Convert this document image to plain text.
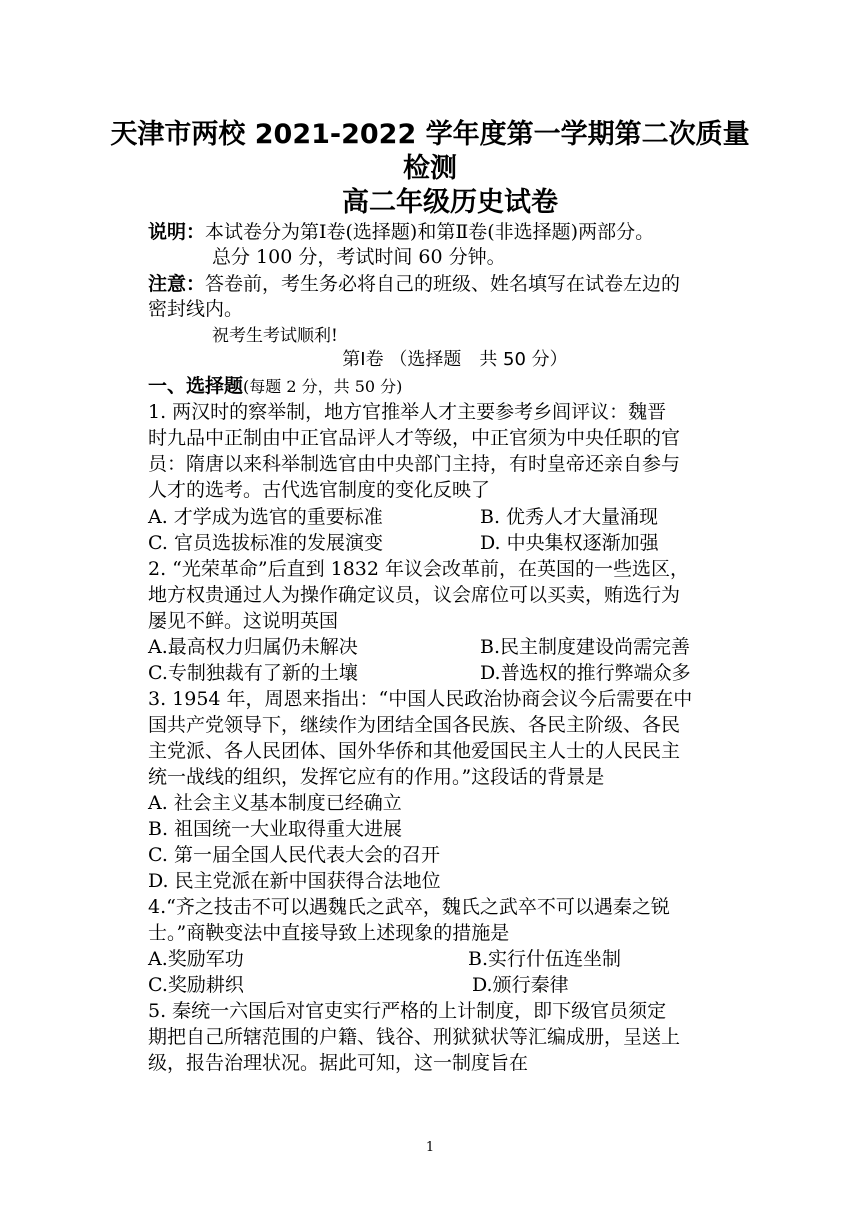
天津市两校 2021-2022 学年度第一学期第二次质量
检测
高二年级历史试卷
说明：本试卷分为第Ⅰ卷(选择题)和第Ⅱ卷(非选择题)两部分。
总分 100 分，考试时间 60 分钟。
注意：答卷前，考生务必将自己的班级、姓名填写在试卷左边的
密封线内。
祝考生考试顺利!
第Ⅰ卷 （选择题　共 50 分）
一、选择题(每题 2 分，共 50 分)
1. 两汉时的察举制，地方官推举人才主要参考乡闾评议：魏晋
时九品中正制由中正官品评人才等级，中正官须为中央任职的官
员：隋唐以来科举制选官由中央部门主持，有时皇帝还亲自参与
人才的选考。古代选官制度的变化反映了
A. 才学成为选官的重要标准	B. 优秀人才大量涌现
C. 官员选拔标准的发展演变	D. 中央集权逐渐加强
2. “光荣革命”后直到 1832 年议会改革前，在英国的一些选区，
地方权贵通过人为操作确定议员，议会席位可以买卖，贿选行为
屡见不鲜。这说明英国
A.最高权力归属仍未解决	B.民主制度建设尚需完善
C.专制独裁有了新的土壤	D.普选权的推行弊端众多
3. 1954 年，周恩来指出：“中国人民政治协商会议今后需要在中
国共产党领导下，继续作为团结全国各民族、各民主阶级、各民
主党派、各人民团体、国外华侨和其他爱国民主人士的人民民主
统一战线的组织，发挥它应有的作用。”这段话的背景是
A. 社会主义基本制度已经确立
B. 祖国统一大业取得重大进展
C. 第一届全国人民代表大会的召开
D. 民主党派在新中国获得合法地位
4.“齐之技击不可以遇魏氏之武卒，魏氏之武卒不可以遇秦之锐
士。”商鞅变法中直接导致上述现象的措施是
A.奖励军功	B.实行什伍连坐制
C.奖励耕织	D.颁行秦律
5. 秦统一六国后对官吏实行严格的上计制度，即下级官员须定
期把自己所辖范围的户籍、钱谷、刑狱狱状等汇编成册，呈送上
级，报告治理状况。据此可知，这一制度旨在
1
